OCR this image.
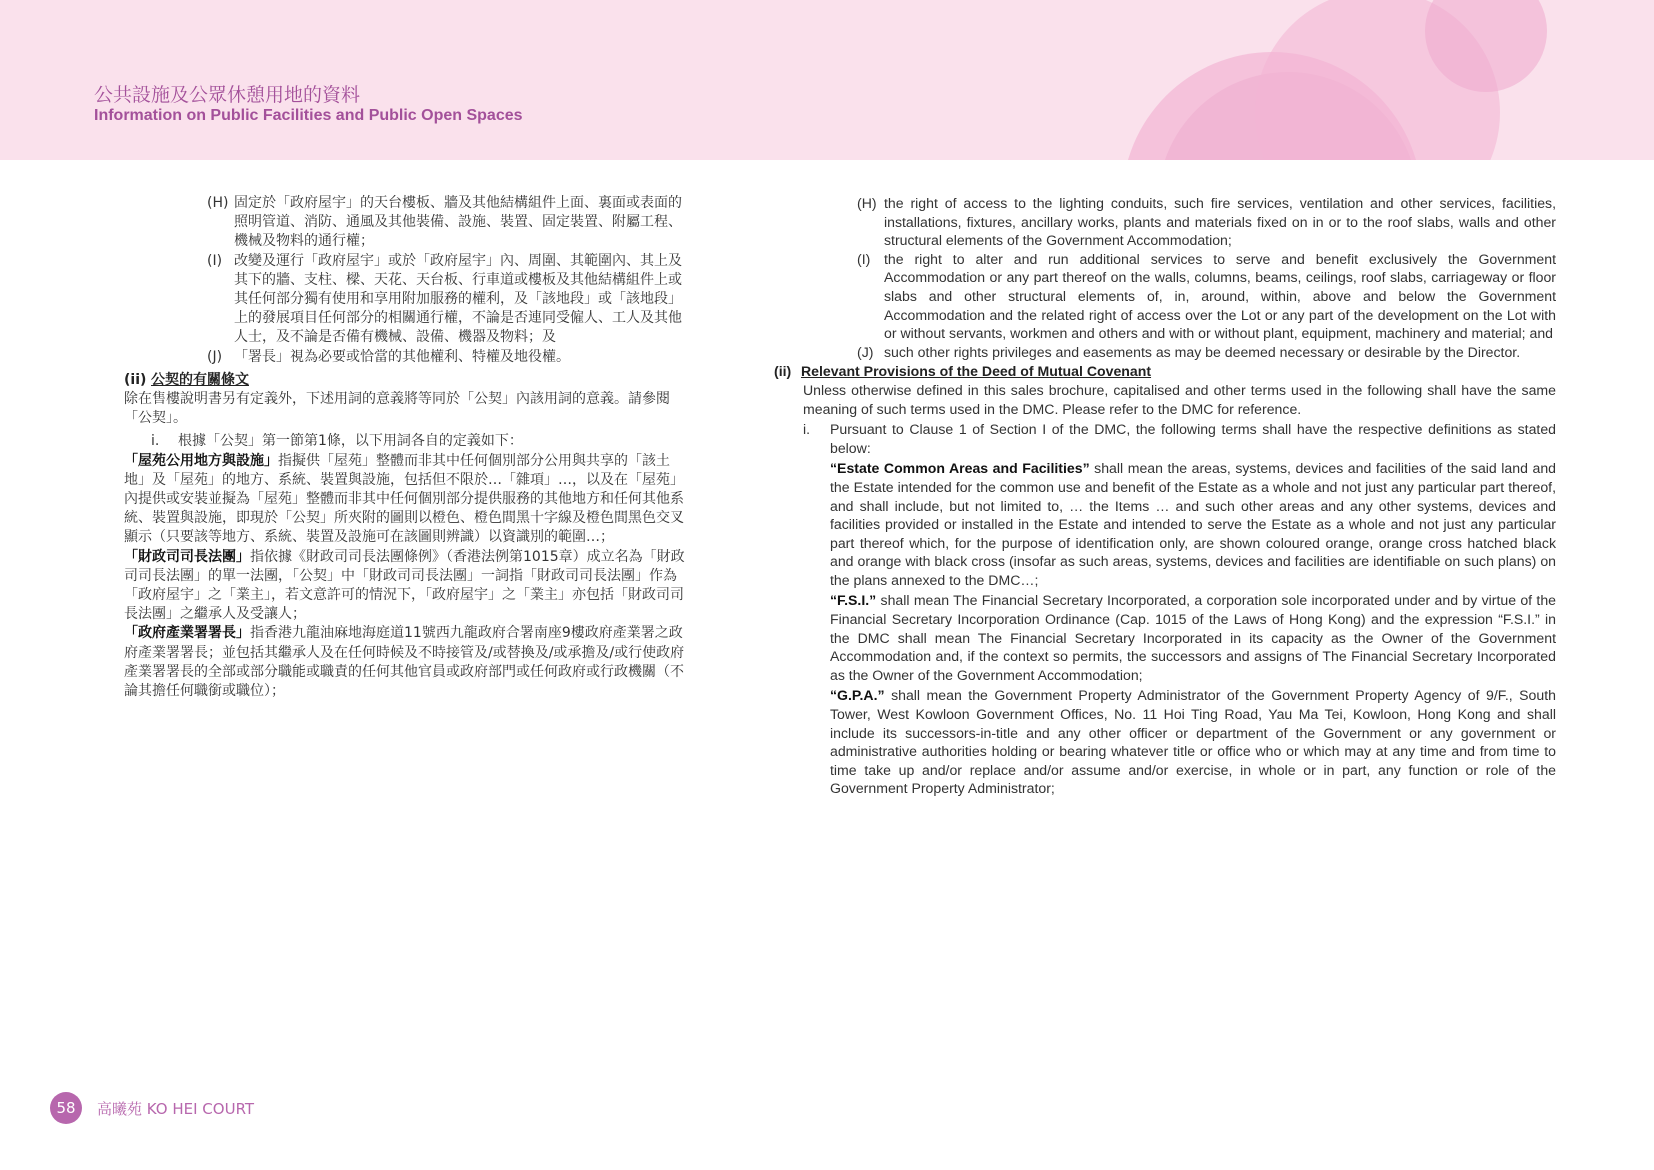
公共設施及公眾休憩用地的資料
Information on Public Facilities and Public Open Spaces
(H) 固定於「政府屋宇」的天台樓板、牆及其他結構組件上面、裏面或表面的照明管道、消防、通風及其他裝備、設施、裝置、固定裝置、附屬工程、機械及物料的通行權；
(I) 改變及運行「政府屋宇」或於「政府屋宇」內、周圍、其範圍內、其上及其下的牆、支柱、樑、天花、天台板、行車道或樓板及其他結構組件上或其任何部分獨有使用和享用附加服務的權利，及「該地段」或「該地段」上的發展項目任何部分的相關通行權，不論是否連同受僱人、工人及其他人士，及不論是否備有機械、設備、機器及物料；及
(J) 「署長」視為必要或恰當的其他權利、特權及地役權。

(ii) 公契的有關條文

除在售樓說明書另有定義外，下述用詞的意義將等同於「公契」內該用詞的意義。請參閱「公契」。

i.	根據「公契」第一節第1條，以下用詞各自的定義如下：

「屋苑公用地方與設施」指擬供「屋苑」整體而非其中任何個別部分公用與共享的「該土地」及「屋苑」的地方、系統、裝置與設施，包括但不限於…「雜項」…，以及在「屋苑」內提供或安裝並擬為「屋苑」整體而非其中任何個別部分提供服務的其他地方和任何其他系統、裝置與設施，即現於「公契」所夾附的圖則以橙色、橙色間黑十字線及橙色間黑色交叉顯示（只要該等地方、系統、裝置及設施可在該圖則辨識）以資識別的範圍…；

「財政司司長法團」指依據《財政司司長法團條例》（香港法例第1015章）成立名為「財政司司長法團」的單一法團，「公契」中「財政司司長法團」一詞指「財政司司長法團」作為「政府屋宇」之「業主」，若文意許可的情況下，「政府屋宇」之「業主」亦包括「財政司司長法團」之繼承人及受讓人；

「政府產業署署長」指香港九龍油麻地海庭道11號西九龍政府合署南座9樓政府產業署之政府產業署署長；並包括其繼承人及在任何時候及不時接管及/或替換及/或承擔及/或行使政府產業署署長的全部或部分職能或職責的任何其他官員或政府部門或任何政府或行政機關（不論其擔任何職銜或職位）；

(H) the right of access to the lighting conduits, such fire services, ventilation and other services, facilities, installations, fixtures, ancillary works, plants and materials fixed on in or to the roof slabs, walls and other structural elements of the Government Accommodation;
(I) the right to alter and run additional services to serve and benefit exclusively the Government Accommodation or any part thereof on the walls, columns, beams, ceilings, roof slabs, carriageway or floor slabs and other structural elements of, in, around, within, above and below the Government Accommodation and the related right of access over the Lot or any part of the development on the Lot with or without servants, workmen and others and with or without plant, equipment, machinery and material; and
(J) such other rights privileges and easements as may be deemed necessary or desirable by the Director.

(ii) Relevant Provisions of the Deed of Mutual Covenant

Unless otherwise defined in this sales brochure, capitalised and other terms used in the following shall have the same meaning of such terms used in the DMC. Please refer to the DMC for reference.

i.	Pursuant to Clause 1 of Section I of the DMC, the following terms shall have the respective definitions as stated below:

“Estate Common Areas and Facilities” shall mean the areas, systems, devices and facilities of the said land and the Estate intended for the common use and benefit of the Estate as a whole and not just any particular part thereof, and shall include, but not limited to, … the Items … and such other areas and any other systems, devices and facilities provided or installed in the Estate and intended to serve the Estate as a whole and not just any particular part thereof which, for the purpose of identification only, are shown coloured orange, orange cross hatched black and orange with black cross (insofar as such areas, systems, devices and facilities are identifiable on such plans) on the plans annexed to the DMC…;

“F.S.I.” shall mean The Financial Secretary Incorporated, a corporation sole incorporated under and by virtue of the Financial Secretary Incorporation Ordinance (Cap. 1015 of the Laws of Hong Kong) and the expression “F.S.I.” in the DMC shall mean The Financial Secretary Incorporated in its capacity as the Owner of the Government Accommodation and, if the context so permits, the successors and assigns of The Financial Secretary Incorporated as the Owner of the Government Accommodation;

“G.P.A.” shall mean the Government Property Administrator of the Government Property Agency of 9/F., South Tower, West Kowloon Government Offices, No. 11 Hoi Ting Road, Yau Ma Tei, Kowloon, Hong Kong and shall include its successors-in-title and any other officer or department of the Government or any government or administrative authorities holding or bearing whatever title or office who or which may at any time and from time to time take up and/or replace and/or assume and/or exercise, in whole or in part, any function or role of the Government Property Administrator;

58	高曦苑 KO HEI COURT
